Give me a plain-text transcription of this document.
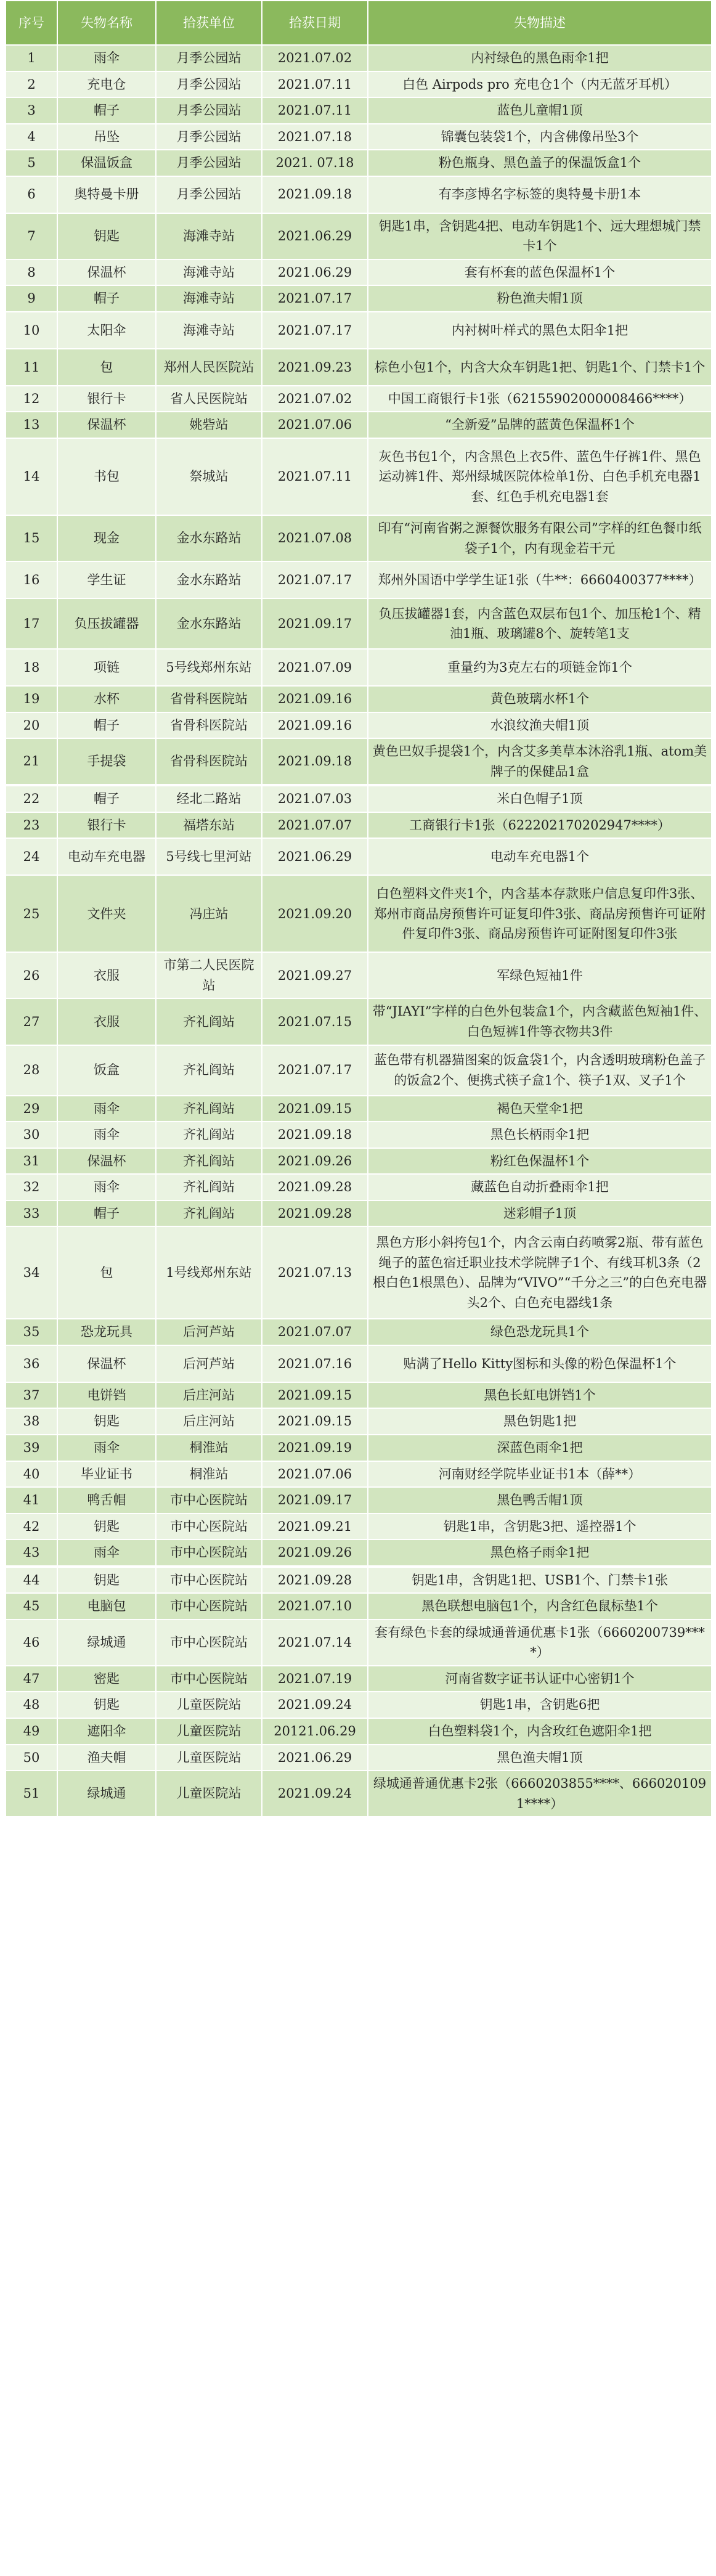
序号	失物名称	拾获单位	拾获日期	失物描述
1	雨伞	月季公园站	2021.07.02	内衬绿色的黑色雨伞1把
2	充电仓	月季公园站	2021.07.11	白色 Airpods pro 充电仓1个（内无蓝牙耳机）
3	帽子	月季公园站	2021.07.11	蓝色儿童帽1顶
4	吊坠	月季公园站	2021.07.18	锦囊包装袋1个，内含佛像吊坠3个
5	保温饭盒	月季公园站	2021. 07.18	粉色瓶身、黑色盖子的保温饭盒1个
6	奥特曼卡册	月季公园站	2021.09.18	有李彦博名字标签的奥特曼卡册1本
7	钥匙	海滩寺站	2021.06.29	钥匙1串，含钥匙4把、电动车钥匙1个、远大理想城门禁卡1个
8	保温杯	海滩寺站	2021.06.29	套有杯套的蓝色保温杯1个
9	帽子	海滩寺站	2021.07.17	粉色渔夫帽1顶
10	太阳伞	海滩寺站	2021.07.17	内衬树叶样式的黑色太阳伞1把
11	包	郑州人民医院站	2021.09.23	棕色小包1个，内含大众车钥匙1把、钥匙1个、门禁卡1个
12	银行卡	省人民医院站	2021.07.02	中国工商银行卡1张（62155902000008466****）
13	保温杯	姚砦站	2021.07.06	“全新爱”品牌的蓝黄色保温杯1个
14	书包	祭城站	2021.07.11	灰色书包1个，内含黑色上衣5件、蓝色牛仔裤1件、黑色运动裤1件、郑州绿城医院体检单1份、白色手机充电器1套、红色手机充电器1套
15	现金	金水东路站	2021.07.08	印有“河南省粥之源餐饮服务有限公司”字样的红色餐巾纸袋子1个，内有现金若干元
16	学生证	金水东路站	2021.07.17	郑州外国语中学学生证1张（牛**：6660400377****）
17	负压拔罐器	金水东路站	2021.09.17	负压拔罐器1套，内含蓝色双层布包1个、加压枪1个、精油1瓶、玻璃罐8个、旋转笔1支
18	项链	5号线郑州东站	2021.07.09	重量约为3克左右的项链金饰1个
19	水杯	省骨科医院站	2021.09.16	黄色玻璃水杯1个
20	帽子	省骨科医院站	2021.09.16	水浪纹渔夫帽1顶
21	手提袋	省骨科医院站	2021.09.18	黄色巴奴手提袋1个，内含艾多美草本沐浴乳1瓶、atom美牌子的保健品1盒
22	帽子	经北二路站	2021.07.03	米白色帽子1顶
23	银行卡	福塔东站	2021.07.07	工商银行卡1张（622202170202947****）
24	电动车充电器	5号线七里河站	2021.06.29	电动车充电器1个
25	文件夹	冯庄站	2021.09.20	白色塑料文件夹1个，内含基本存款账户信息复印件3张、郑州市商品房预售许可证复印件3张、商品房预售许可证附件复印件3张、商品房预售许可证附图复印件3张
26	衣服	市第二人民医院站	2021.09.27	军绿色短袖1件
27	衣服	齐礼阎站	2021.07.15	带“JIAYI”字样的白色外包装盒1个，内含藏蓝色短袖1件、白色短裤1件等衣物共3件
28	饭盒	齐礼阎站	2021.07.17	蓝色带有机器猫图案的饭盒袋1个，内含透明玻璃粉色盖子的饭盒2个、便携式筷子盒1个、筷子1双、叉子1个
29	雨伞	齐礼阎站	2021.09.15	褐色天堂伞1把
30	雨伞	齐礼阎站	2021.09.18	黑色长柄雨伞1把
31	保温杯	齐礼阎站	2021.09.26	粉红色保温杯1个
32	雨伞	齐礼阎站	2021.09.28	藏蓝色自动折叠雨伞1把
33	帽子	齐礼阎站	2021.09.28	迷彩帽子1顶
34	包	1号线郑州东站	2021.07.13	黑色方形小斜挎包1个，内含云南白药喷雾2瓶、带有蓝色绳子的蓝色宿迁职业技术学院牌子1个、有线耳机3条（2根白色1根黑色）、品牌为“VIVO”“千分之三”的白色充电器头2个、白色充电器线1条
35	恐龙玩具	后河芦站	2021.07.07	绿色恐龙玩具1个
36	保温杯	后河芦站	2021.07.16	贴满了Hello Kitty图标和头像的粉色保温杯1个
37	电饼铛	后庄河站	2021.09.15	黑色长虹电饼铛1个
38	钥匙	后庄河站	2021.09.15	黑色钥匙1把
39	雨伞	桐淮站	2021.09.19	深蓝色雨伞1把
40	毕业证书	桐淮站	2021.07.06	河南财经学院毕业证书1本（薛**）
41	鸭舌帽	市中心医院站	2021.09.17	黑色鸭舌帽1顶
42	钥匙	市中心医院站	2021.09.21	钥匙1串，含钥匙3把、遥控器1个
43	雨伞	市中心医院站	2021.09.26	黑色格子雨伞1把
44	钥匙	市中心医院站	2021.09.28	钥匙1串，含钥匙1把、USB1个、门禁卡1张
45	电脑包	市中心医院站	2021.07.10	黑色联想电脑包1个，内含红色鼠标垫1个
46	绿城通	市中心医院站	2021.07.14	套有绿色卡套的绿城通普通优惠卡1张（6660200739****）
47	密匙	市中心医院站	2021.07.19	河南省数字证书认证中心密钥1个
48	钥匙	儿童医院站	2021.09.24	钥匙1串，含钥匙6把
49	遮阳伞	儿童医院站	20121.06.29	白色塑料袋1个，内含玫红色遮阳伞1把
50	渔夫帽	儿童医院站	2021.06.29	黑色渔夫帽1顶
51	绿城通	儿童医院站	2021.09.24	绿城通普通优惠卡2张（6660203855****、6660201091****）
